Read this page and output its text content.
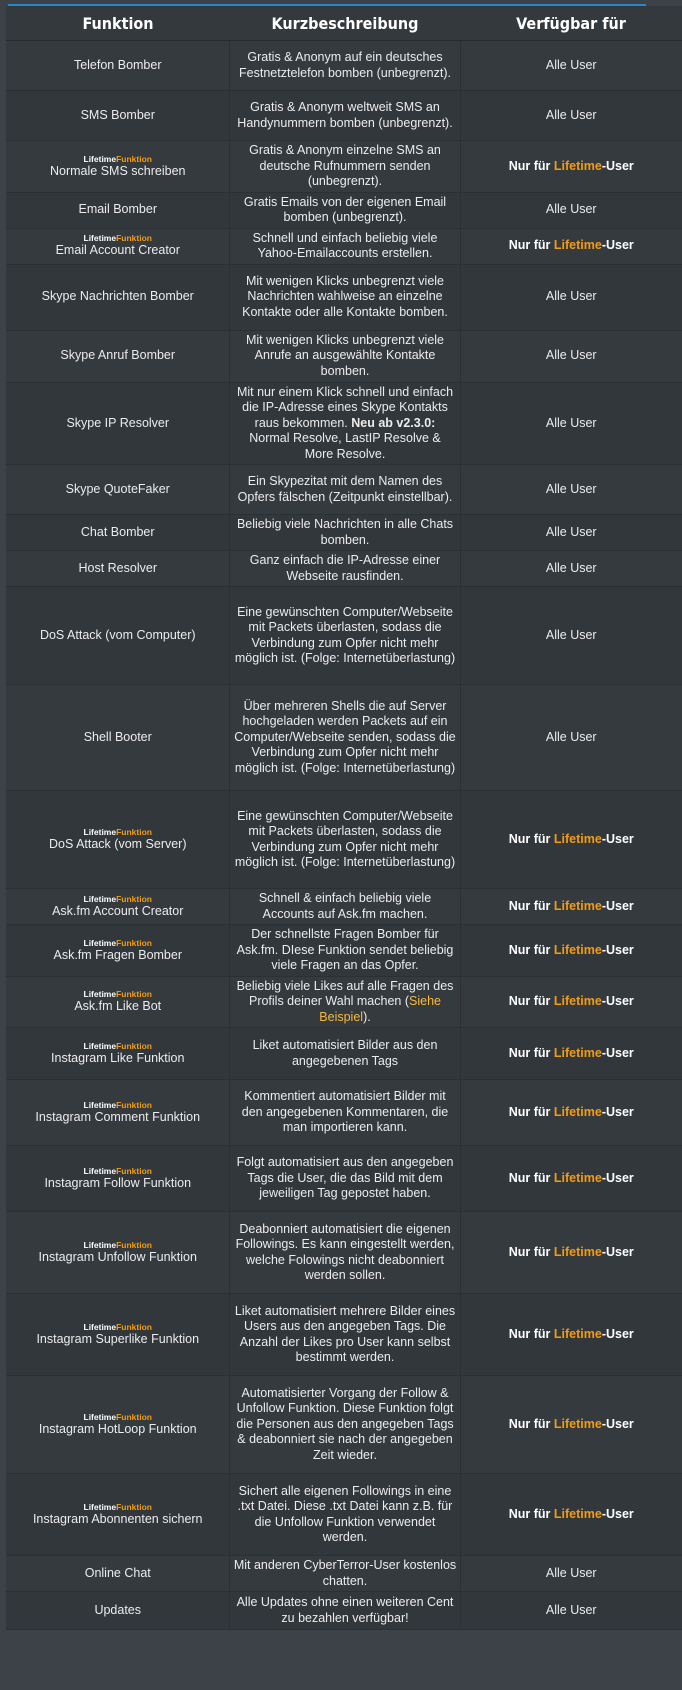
Funktion	Kurzbeschreibung	Verfügbar für

Telefon Bomber	Gratis & Anonym auf ein deutsches Festnetztelefon bomben (unbegrenzt).	Alle User

SMS Bomber	Gratis & Anonym weltweit SMS an Handynummern bomben (unbegrenzt).	Alle User

LifetimeFunktion
Normale SMS schreiben	Gratis & Anonym einzelne SMS an deutsche Rufnummern senden (unbegrenzt).	Nur für Lifetime-User

Email Bomber	Gratis Emails von der eigenen Email bomben (unbegrenzt).	Alle User

LifetimeFunktion
Email Account Creator	Schnell und einfach beliebig viele Yahoo-Emailaccounts erstellen.	Nur für Lifetime-User

Skype Nachrichten Bomber	Mit wenigen Klicks unbegrenzt viele Nachrichten wahlweise an einzelne Kontakte oder alle Kontakte bomben.	Alle User

Skype Anruf Bomber	Mit wenigen Klicks unbegrenzt viele Anrufe an ausgewählte Kontakte bomben.	Alle User

Skype IP Resolver	Mit nur einem Klick schnell und einfach die IP-Adresse eines Skype Kontakts raus bekommen. Neu ab v2.3.0: Normal Resolve, LastIP Resolve & More Resolve.	Alle User

Skype QuoteFaker	Ein Skypezitat mit dem Namen des Opfers fälschen (Zeitpunkt einstellbar).	Alle User

Chat Bomber	Beliebig viele Nachrichten in alle Chats bomben.	Alle User

Host Resolver	Ganz einfach die IP-Adresse einer Webseite rausfinden.	Alle User

DoS Attack (vom Computer)	Eine gewünschten Computer/Webseite mit Packets überlasten, sodass die Verbindung zum Opfer nicht mehr möglich ist. (Folge: Internetüberlastung)	Alle User

Shell Booter	Über mehreren Shells die auf Server hochgeladen werden Packets auf ein Computer/Webseite senden, sodass die Verbindung zum Opfer nicht mehr möglich ist. (Folge: Internetüberlastung)	Alle User

LifetimeFunktion
DoS Attack (vom Server)	Eine gewünschten Computer/Webseite mit Packets überlasten, sodass die Verbindung zum Opfer nicht mehr möglich ist. (Folge: Internetüberlastung)	Nur für Lifetime-User

LifetimeFunktion
Ask.fm Account Creator	Schnell & einfach beliebig viele Accounts auf Ask.fm machen.	Nur für Lifetime-User

LifetimeFunktion
Ask.fm Fragen Bomber	Der schnellste Fragen Bomber für Ask.fm. DIese Funktion sendet beliebig viele Fragen an das Opfer.	Nur für Lifetime-User

LifetimeFunktion
Ask.fm Like Bot	Beliebig viele Likes auf alle Fragen des Profils deiner Wahl machen (Siehe Beispiel).	Nur für Lifetime-User

LifetimeFunktion
Instagram Like Funktion	Liket automatisiert Bilder aus den angegebenen Tags	Nur für Lifetime-User

LifetimeFunktion
Instagram Comment Funktion	Kommentiert automatisiert Bilder mit den angegebenen Kommentaren, die man importieren kann.	Nur für Lifetime-User

LifetimeFunktion
Instagram Follow Funktion	Folgt automatisiert aus den angegeben Tags die User, die das Bild mit dem jeweiligen Tag gepostet haben.	Nur für Lifetime-User

LifetimeFunktion
Instagram Unfollow Funktion	Deabonniert automatisiert die eigenen Followings. Es kann eingestellt werden, welche Folowings nicht deabonniert werden sollen.	Nur für Lifetime-User

LifetimeFunktion
Instagram Superlike Funktion	Liket automatisiert mehrere Bilder eines Users aus den angegeben Tags. Die Anzahl der Likes pro User kann selbst bestimmt werden.	Nur für Lifetime-User

LifetimeFunktion
Instagram HotLoop Funktion	Automatisierter Vorgang der Follow & Unfollow Funktion. Diese Funktion folgt die Personen aus den angegeben Tags & deabonniert sie nach der angegeben Zeit wieder.	Nur für Lifetime-User

LifetimeFunktion
Instagram Abonnenten sichern	Sichert alle eigenen Followings in eine .txt Datei. Diese .txt Datei kann z.B. für die Unfollow Funktion verwendet werden.	Nur für Lifetime-User

Online Chat	Mit anderen CyberTerror-User kostenlos chatten.	Alle User

Updates	Alle Updates ohne einen weiteren Cent zu bezahlen verfügbar!	Alle User
